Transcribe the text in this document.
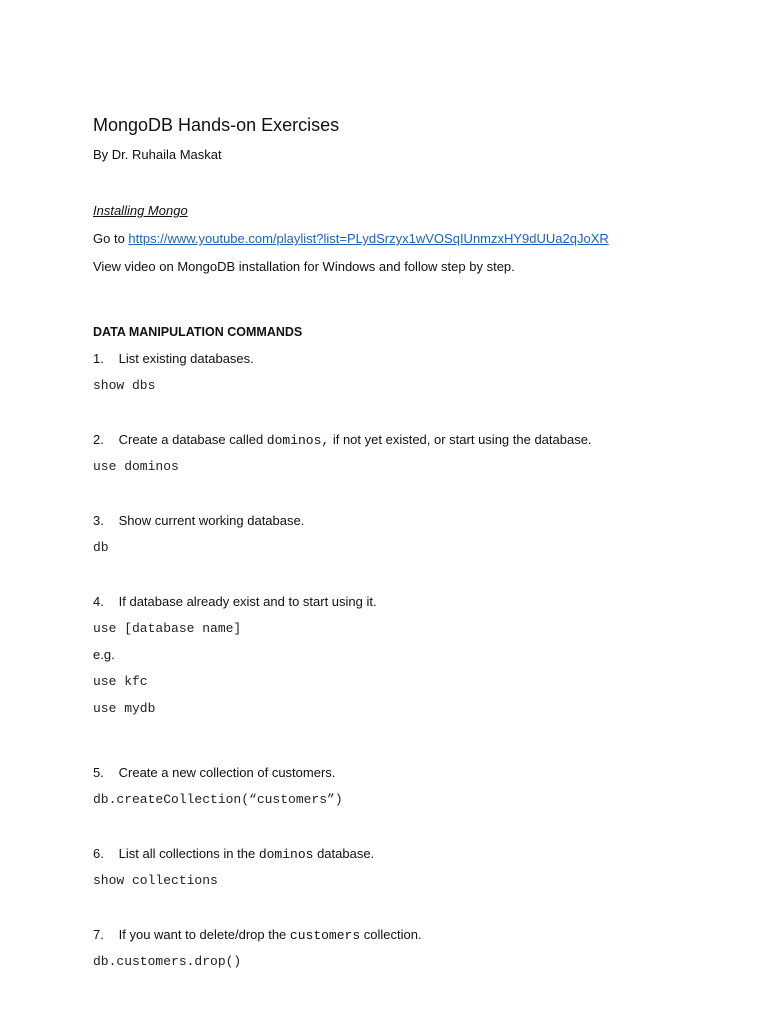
MongoDB Hands-on Exercises
By Dr. Ruhaila Maskat
Installing Mongo
Go to https://www.youtube.com/playlist?list=PLydSrzyx1wVOSqIUnmzxHY9dUUa2qJoXR
View video on MongoDB installation for Windows and follow step by step.
DATA MANIPULATION COMMANDS
1. List existing databases.
show dbs
2. Create a database called dominos, if not yet existed, or start using the database.
use dominos
3. Show current working database.
db
4. If database already exist and to start using it.
use [database name]
e.g.
use kfc
use mydb
5. Create a new collection of customers.
db.createCollection(“customers”)
6. List all collections in the dominos database.
show collections
7. If you want to delete/drop the customers collection.
db.customers.drop()
